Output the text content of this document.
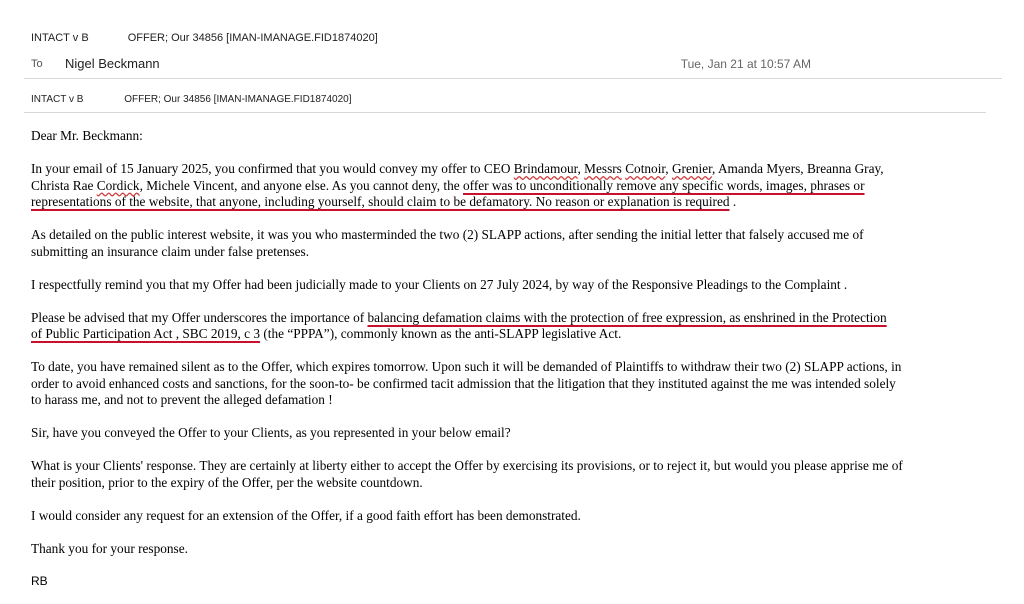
INTACT v B	OFFER; Our 34856 [IMAN-IMANAGE.FID1874020]
To Nigel Beckmann	Tue, Jan 21 at 10:57 AM
INTACT v B	OFFER; Our 34856 [IMAN-IMANAGE.FID1874020]

Dear Mr. Beckmann:

In your email of 15 January 2025, you confirmed that you would convey my offer to CEO Brindamour, Messrs Cotnoir, Grenier, Amanda Myers, Breanna Gray,
Christa Rae Cordick, Michele Vincent, and anyone else. As you cannot deny, the offer was to unconditionally remove any specific words, images, phrases or
representations of the website, that anyone, including yourself, should claim to be defamatory. No reason or explanation is required .

As detailed on the public interest website, it was you who masterminded the two (2) SLAPP actions, after sending the initial letter that falsely accused me of
submitting an insurance claim under false pretenses.

I respectfully remind you that my Offer had been judicially made to your Clients on 27 July 2024, by way of the Responsive Pleadings to the Complaint .

Please be advised that my Offer underscores the importance of balancing defamation claims with the protection of free expression, as enshrined in the Protection
of Public Participation Act , SBC 2019, c 3 (the “PPPA”), commonly known as the anti-SLAPP legislative Act.

To date, you have remained silent as to the Offer, which expires tomorrow. Upon such it will be demanded of Plaintiffs to withdraw their two (2) SLAPP actions, in
order to avoid enhanced costs and sanctions, for the soon-to- be confirmed tacit admission that the litigation that they instituted against the me was intended solely
to harass me, and not to prevent the alleged defamation !

Sir, have you conveyed the Offer to your Clients, as you represented in your below email?

What is your Clients' response. They are certainly at liberty either to accept the Offer by exercising its provisions, or to reject it, but would you please apprise me of
their position, prior to the expiry of the Offer, per the website countdown.

I would consider any request for an extension of the Offer, if a good faith effort has been demonstrated.

Thank you for your response.

RB
